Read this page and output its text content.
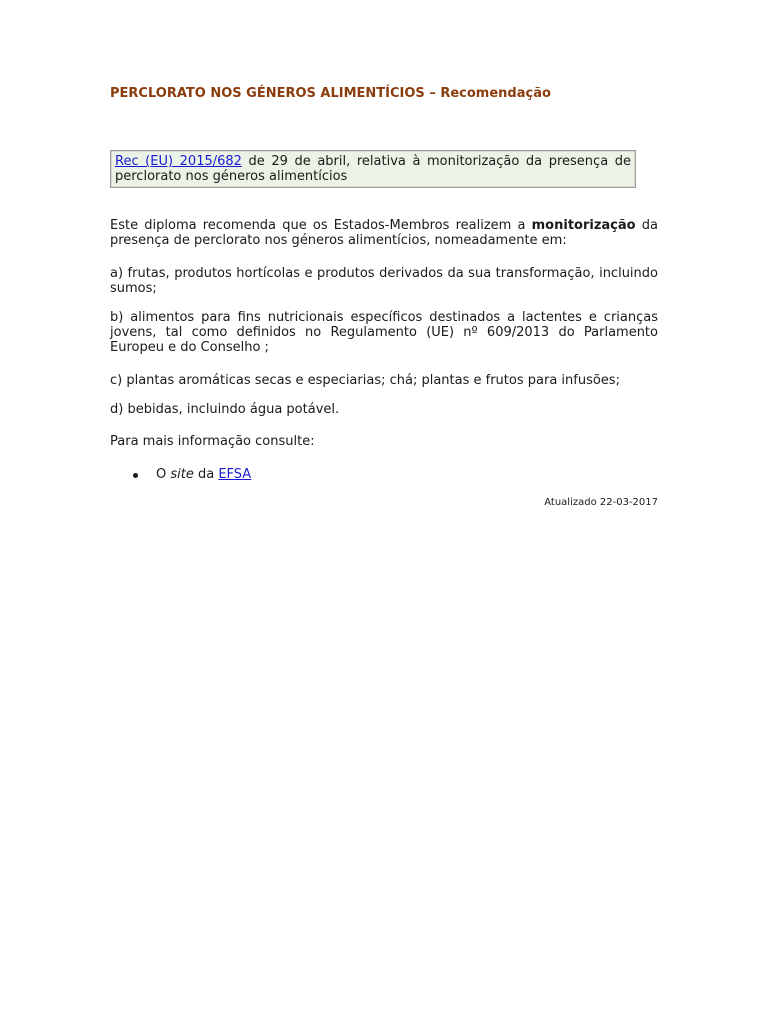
PERCLORATO NOS GÉNEROS ALIMENTÍCIOS – Recomendação
Rec (EU) 2015/682 de 29 de abril, relativa à monitorização da presença de perclorato nos géneros alimentícios

Este diploma recomenda que os Estados-Membros realizem a monitorização da presença de perclorato nos géneros alimentícios, nomeadamente em:

a) frutas, produtos hortícolas e produtos derivados da sua transformação, incluindo sumos;

b) alimentos para fins nutricionais específicos destinados a lactentes e crianças jovens, tal como definidos no Regulamento (UE) nº 609/2013 do Parlamento Europeu e do Conselho ;

c) plantas aromáticas secas e especiarias; chá; plantas e frutos para infusões;

d) bebidas, incluindo água potável.

Para mais informação consulte:

O site da EFSA
Atualizado 22-03-2017
